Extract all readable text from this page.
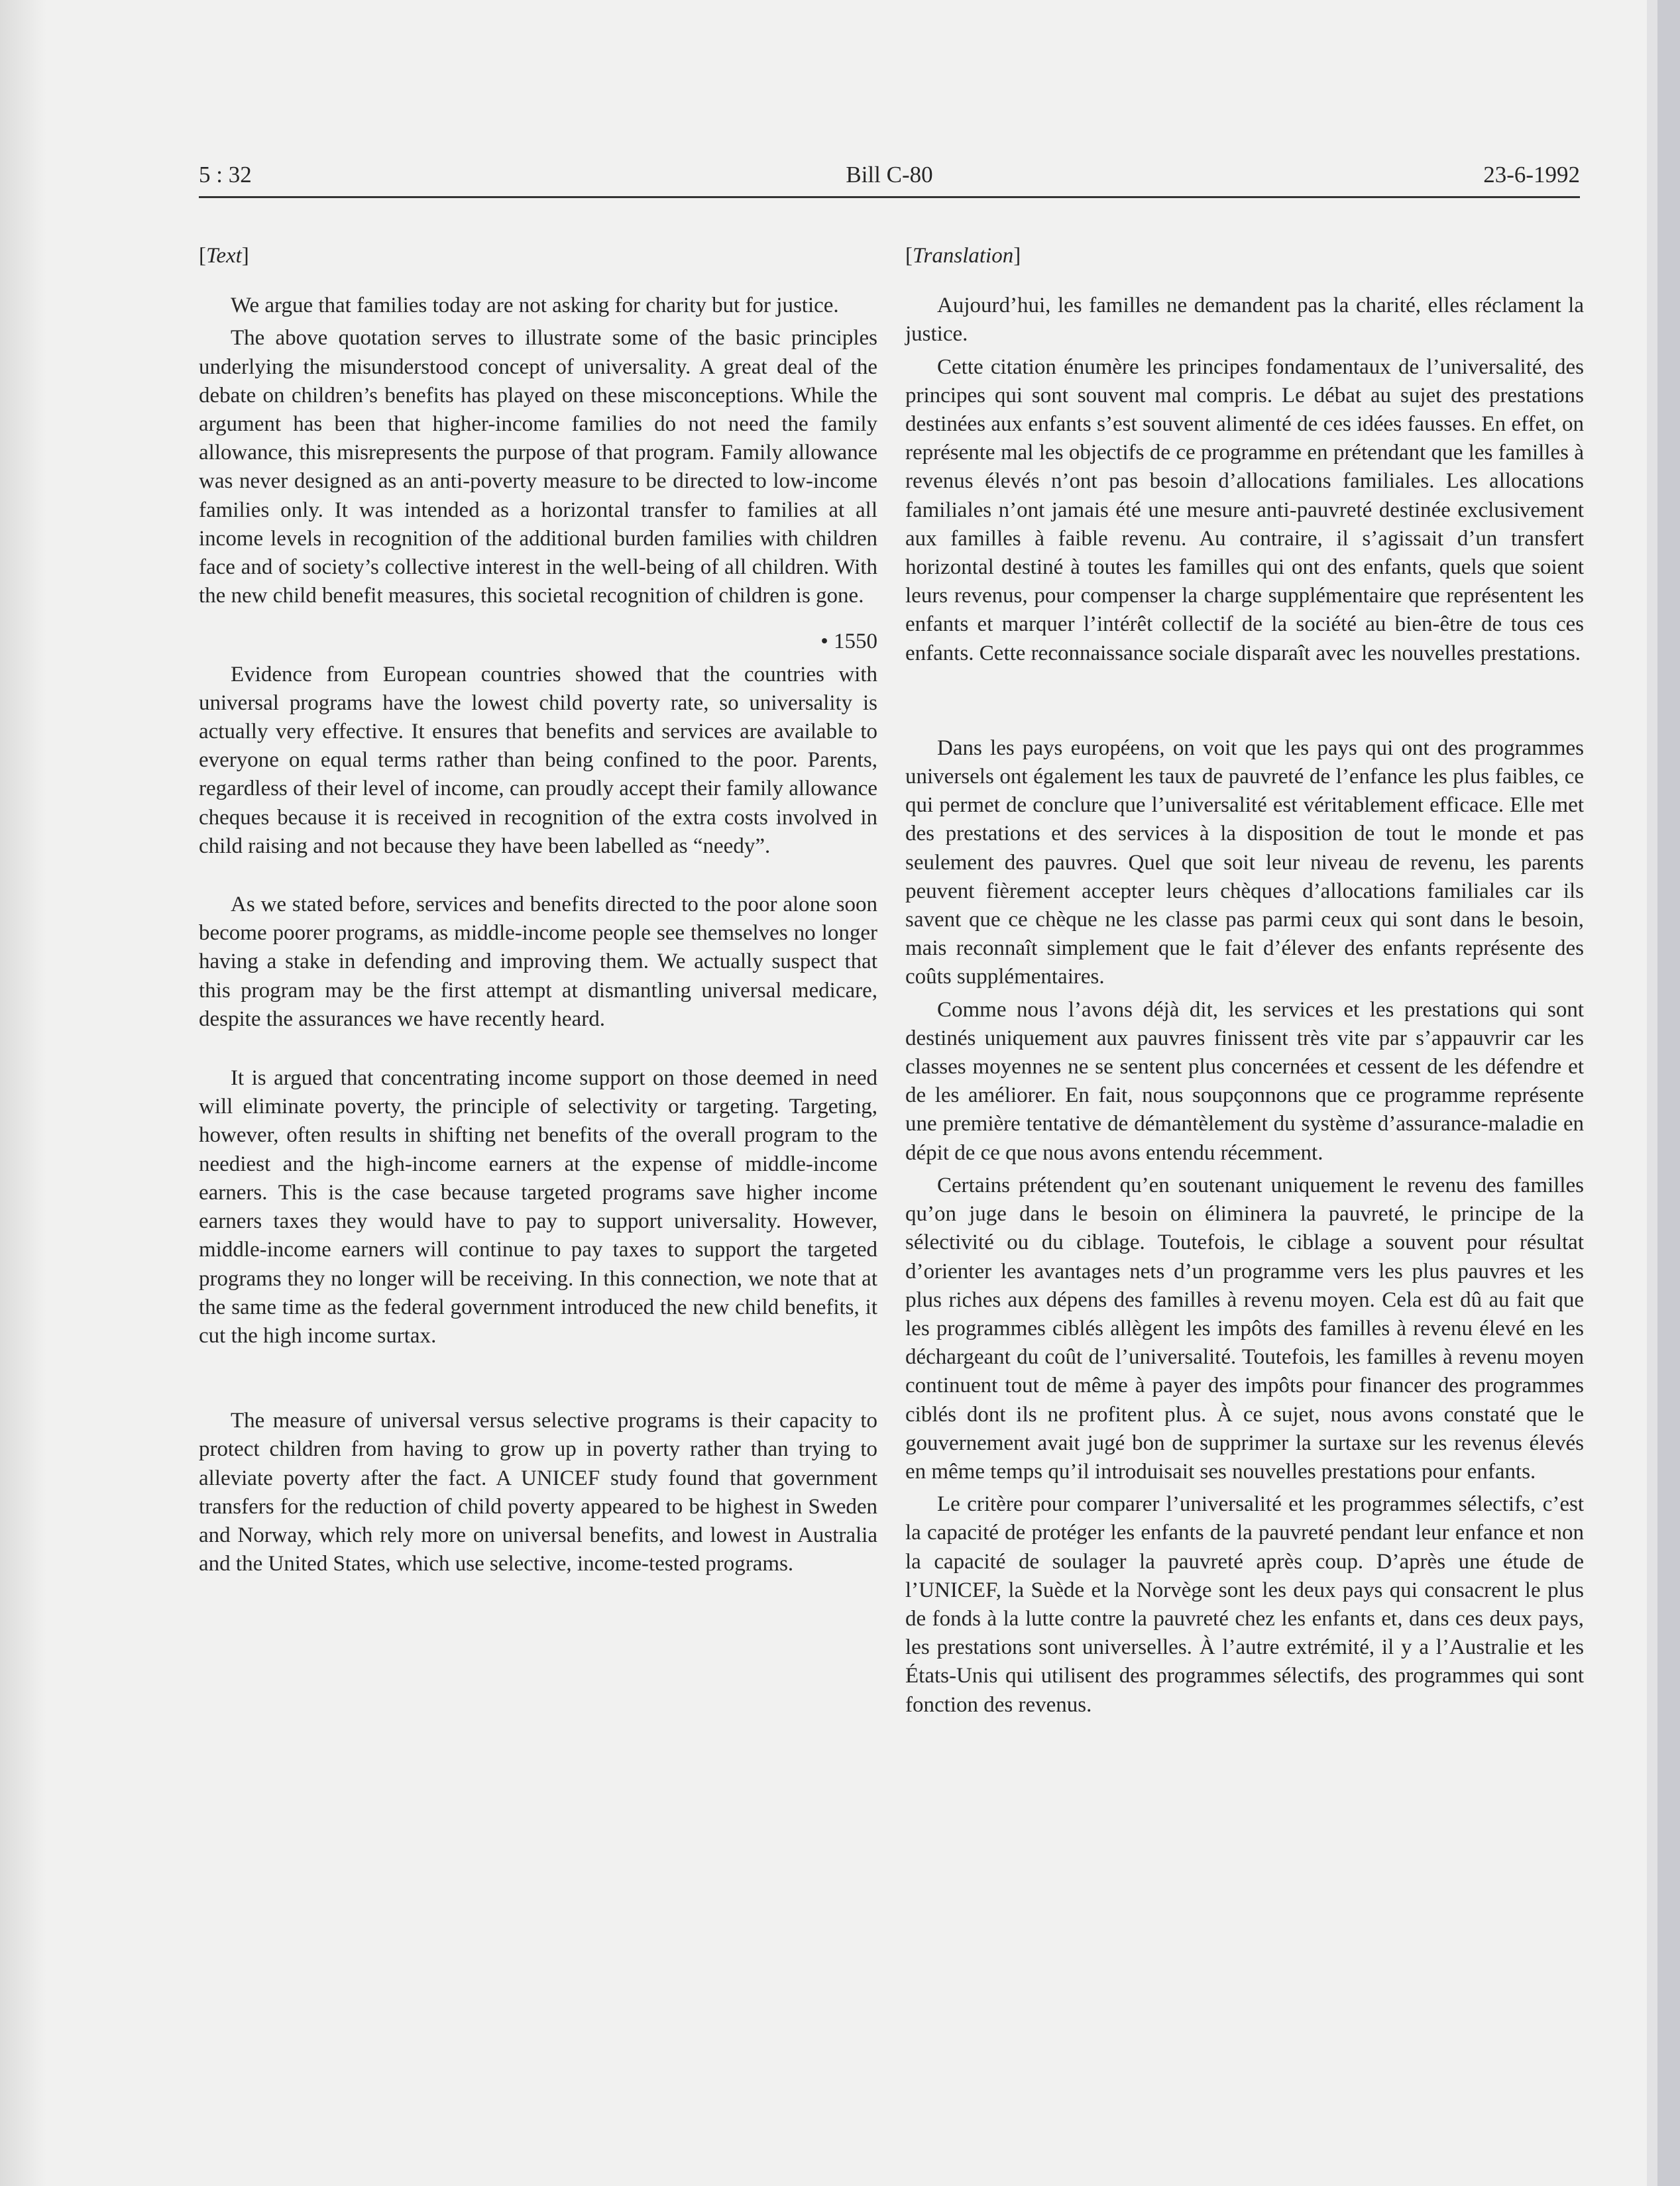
Bill C-80
5 : 32	23-6-1992
[Text]

We argue that families today are not asking for charity but for justice.

The above quotation serves to illustrate some of the basic principles underlying the misunderstood concept of universality. A great deal of the debate on children’s benefits has played on these misconceptions. While the argument has been that higher-income families do not need the family allowance, this misrepresents the purpose of that program. Family allowance was never designed as an anti-poverty measure to be directed to low-income families only. It was intended as a horizontal transfer to families at all income levels in recognition of the additional burden families with children face and of society’s collective interest in the well-being of all children. With the new child benefit measures, this societal recognition of children is gone.

• 1550

Evidence from European countries showed that the countries with universal programs have the lowest child poverty rate, so universality is actually very effective. It ensures that benefits and services are available to everyone on equal terms rather than being confined to the poor. Parents, regardless of their level of income, can proudly accept their family allowance cheques because it is received in recognition of the extra costs involved in child raising and not because they have been labelled as “needy”.

As we stated before, services and benefits directed to the poor alone soon become poorer programs, as middle-income people see themselves no longer having a stake in defending and improving them. We actually suspect that this program may be the first attempt at dismantling universal medicare, despite the assurances we have recently heard.

It is argued that concentrating income support on those deemed in need will eliminate poverty, the principle of selectivity or targeting. Targeting, however, often results in shifting net benefits of the overall program to the neediest and the high-income earners at the expense of middle-income earners. This is the case because targeted programs save higher income earners taxes they would have to pay to support universality. However, middle-income earners will continue to pay taxes to support the targeted programs they no longer will be receiving. In this connection, we note that at the same time as the federal government introduced the new child benefits, it cut the high income surtax.

The measure of universal versus selective programs is their capacity to protect children from having to grow up in poverty rather than trying to alleviate poverty after the fact. A UNICEF study found that government transfers for the reduction of child poverty appeared to be highest in Sweden and Norway, which rely more on universal benefits, and lowest in Australia and the United States, which use selective, income-tested programs.

[Translation]

Aujourd’hui, les familles ne demandent pas la charité, elles réclament la justice.

Cette citation énumère les principes fondamentaux de l’universalité, des principes qui sont souvent mal compris. Le débat au sujet des prestations destinées aux enfants s’est souvent alimenté de ces idées fausses. En effet, on représente mal les objectifs de ce programme en prétendant que les familles à revenus élevés n’ont pas besoin d’allocations familiales. Les allocations familiales n’ont jamais été une mesure anti-pauvreté destinée exclusivement aux familles à faible revenu. Au contraire, il s’agissait d’un transfert horizontal destiné à toutes les familles qui ont des enfants, quels que soient leurs revenus, pour compenser la charge supplémentaire que représentent les enfants et marquer l’intérêt collectif de la société au bien-être de tous ces enfants. Cette reconnaissance sociale disparaît avec les nouvelles prestations.

Dans les pays européens, on voit que les pays qui ont des programmes universels ont également les taux de pauvreté de l’enfance les plus faibles, ce qui permet de conclure que l’universalité est véritablement efficace. Elle met des prestations et des services à la disposition de tout le monde et pas seulement des pauvres. Quel que soit leur niveau de revenu, les parents peuvent fièrement accepter leurs chèques d’allocations familiales car ils savent que ce chèque ne les classe pas parmi ceux qui sont dans le besoin, mais reconnaît simplement que le fait d’élever des enfants représente des coûts supplémentaires.

Comme nous l’avons déjà dit, les services et les prestations qui sont destinés uniquement aux pauvres finissent très vite par s’appauvrir car les classes moyennes ne se sentent plus concernées et cessent de les défendre et de les améliorer. En fait, nous soupçonnons que ce programme représente une première tentative de démantèlement du système d’assurance-maladie en dépit de ce que nous avons entendu récemment.

Certains prétendent qu’en soutenant uniquement le revenu des familles qu’on juge dans le besoin on éliminera la pauvreté, le principe de la sélectivité ou du ciblage. Toutefois, le ciblage a souvent pour résultat d’orienter les avantages nets d’un programme vers les plus pauvres et les plus riches aux dépens des familles à revenu moyen. Cela est dû au fait que les programmes ciblés allègent les impôts des familles à revenu élevé en les déchargeant du coût de l’universalité. Toutefois, les familles à revenu moyen continuent tout de même à payer des impôts pour financer des programmes ciblés dont ils ne profitent plus. À ce sujet, nous avons constaté que le gouvernement avait jugé bon de supprimer la surtaxe sur les revenus élevés en même temps qu’il introduisait ses nouvelles prestations pour enfants.

Le critère pour comparer l’universalité et les programmes sélectifs, c’est la capacité de protéger les enfants de la pauvreté pendant leur enfance et non la capacité de soulager la pauvreté après coup. D’après une étude de l’UNICEF, la Suède et la Norvège sont les deux pays qui consacrent le plus de fonds à la lutte contre la pauvreté chez les enfants et, dans ces deux pays, les prestations sont universelles. À l’autre extrémité, il y a l’Australie et les États-Unis qui utilisent des programmes sélectifs, des programmes qui sont fonction des revenus.
